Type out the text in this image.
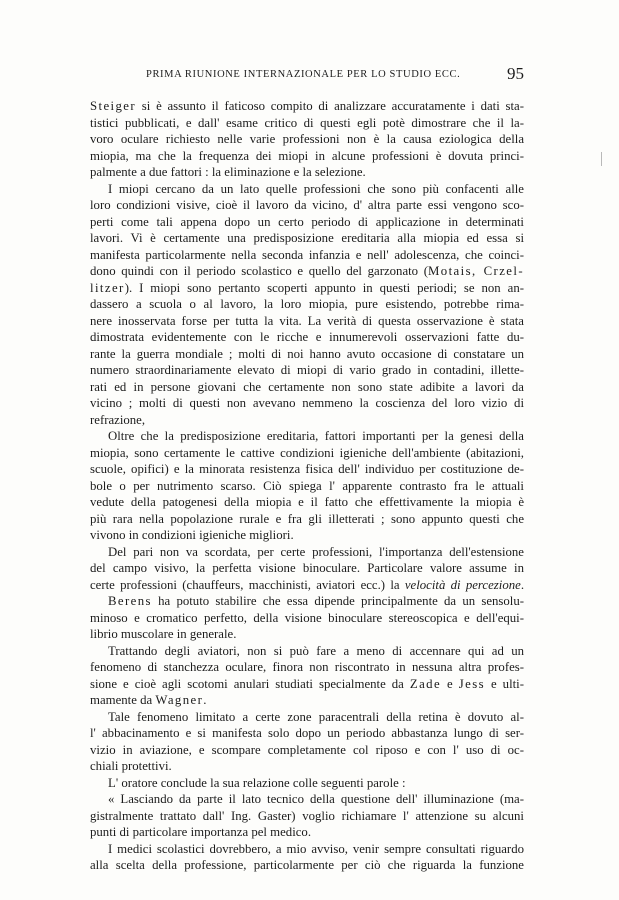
PRIMA RIUNIONE INTERNAZIONALE PER LO STUDIO ECC.	95
Steiger si è assunto il faticoso compito di analizzare accuratamente i dati sta-
tistici pubblicati, e dall' esame critico di questi egli potè dimostrare che il la-
voro oculare richiesto nelle varie professioni non è la causa eziologica della
miopia, ma che la frequenza dei miopi in alcune professioni è dovuta princi-
palmente a due fattori : la eliminazione e la selezione.
I miopi cercano da un lato quelle professioni che sono più confacenti alle
loro condizioni visive, cioè il lavoro da vicino, d' altra parte essi vengono sco-
perti come tali appena dopo un certo periodo di applicazione in determinati
lavori. Vi è certamente una predisposizione ereditaria alla miopia ed essa si
manifesta particolarmente nella seconda infanzia e nell' adolescenza, che coinci-
dono quindi con il periodo scolastico e quello del garzonato (Motais, Crzel-
litzer). I miopi sono pertanto scoperti appunto in questi periodi; se non an-
dassero a scuola o al lavoro, la loro miopia, pure esistendo, potrebbe rima-
nere inosservata forse per tutta la vita. La verità di questa osservazione è stata
dimostrata evidentemente con le ricche e innumerevoli osservazioni fatte du-
rante la guerra mondiale ; molti di noi hanno avuto occasione di constatare un
numero straordinariamente elevato di miopi di vario grado in contadini, illette-
rati ed in persone giovani che certamente non sono state adibite a lavori da
vicino ; molti di questi non avevano nemmeno la coscienza del loro vizio di
refrazione,
Oltre che la predisposizione ereditaria, fattori importanti per la genesi della
miopia, sono certamente le cattive condizioni igieniche dell'ambiente (abitazioni,
scuole, opifici) e la minorata resistenza fisica dell' individuo per costituzione de-
bole o per nutrimento scarso. Ciò spiega l' apparente contrasto fra le attuali
vedute della patogenesi della miopia e il fatto che effettivamente la miopia è
più rara nella popolazione rurale e fra gli illetterati ; sono appunto questi che
vivono in condizioni igieniche migliori.
Del pari non va scordata, per certe professioni, l'importanza dell'estensione
del campo visivo, la perfetta visione binoculare. Particolare valore assume in
certe professioni (chauffeurs, macchinisti, aviatori ecc.) la velocità di percezione.
Berens ha potuto stabilire che essa dipende principalmente da un sensolu-
minoso e cromatico perfetto, della visione binoculare stereoscopica e dell'equi-
librio muscolare in generale.
Trattando degli aviatori, non si può fare a meno di accennare qui ad un
fenomeno di stanchezza oculare, finora non riscontrato in nessuna altra profes-
sione e cioè agli scotomi anulari studiati specialmente da Zade e Jess e ulti-
mamente da Wagner.
Tale fenomeno limitato a certe zone paracentrali della retina è dovuto al-
l' abbacinamento e si manifesta solo dopo un periodo abbastanza lungo di ser-
vizio in aviazione, e scompare completamente col riposo e con l' uso di oc-
chiali protettivi.
L' oratore conclude la sua relazione colle seguenti parole :
« Lasciando da parte il lato tecnico della questione dell' illuminazione (ma-
gistralmente trattato dall' Ing. Gaster) voglio richiamare l' attenzione su alcuni
punti di particolare importanza pel medico.
I medici scolastici dovrebbero, a mio avviso, venir sempre consultati riguardo
alla scelta della professione, particolarmente per ciò che riguarda la funzione
